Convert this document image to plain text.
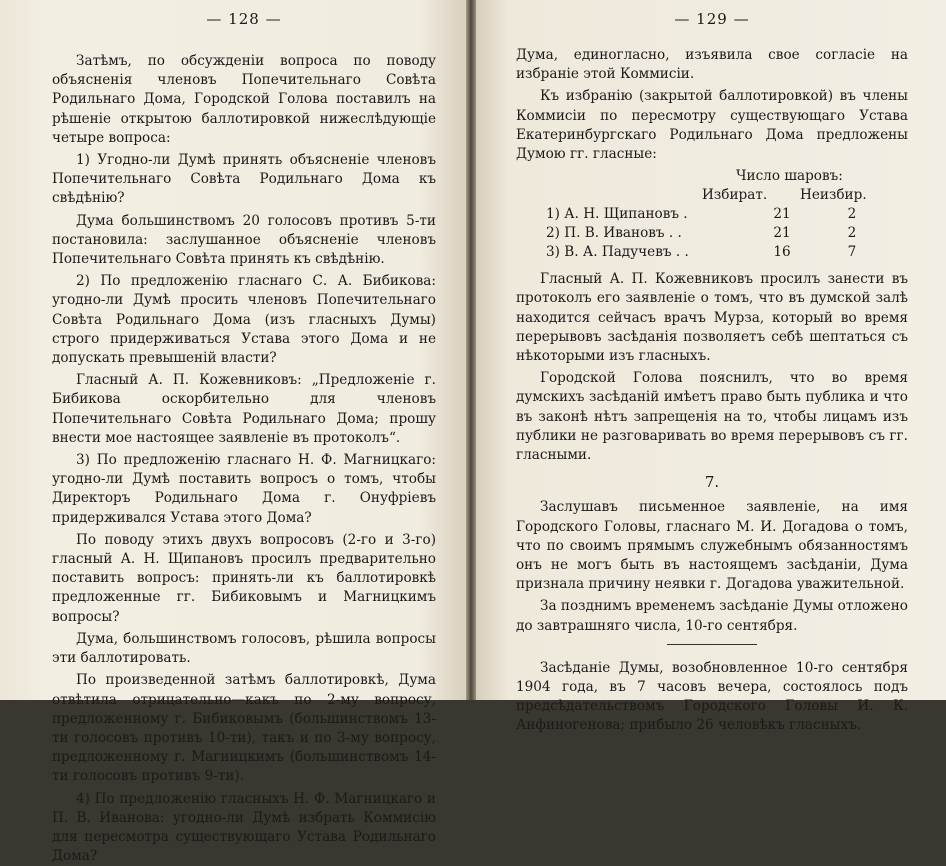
— 128 —

Затѣмъ, по обсужденіи вопроса по поводу объясненія членовъ Попечительнаго Совѣта Родильнаго Дома, Городской Голова поставилъ на рѣшеніе открытою баллотировкой нижеслѣдующіе четыре вопроса:

1) Угодно-ли Думѣ принять объясненіе членовъ Попечительнаго Совѣта Родильнаго Дома къ свѣдѣнію?

Дума большинствомъ 20 голосовъ противъ 5-ти постановила: заслушанное объясненіе членовъ Попечительнаго Совѣта принять къ свѣдѣнію.

2) По предложенію гласнаго С. А. Бибикова: угодно-ли Думѣ просить членовъ Попечительнаго Совѣта Родильнаго Дома (изъ гласныхъ Думы) строго придерживаться Устава этого Дома и не допускать превышеній власти?

Гласный А. П. Кожевниковъ: „Предложеніе г. Бибикова оскорбительно для членовъ Попечительнаго Совѣта Родильнаго Дома; прошу внести мое настоящее заявленіе въ протоколъ“.

3) По предложенію гласнаго Н. Ф. Магницкаго: угодно-ли Думѣ поставить вопросъ о томъ, чтобы Директоръ Родильнаго Дома г. Онуфріевъ придерживался Устава этого Дома?

По поводу этихъ двухъ вопросовъ (2-го и 3-го) гласный А. Н. Щипановъ просилъ предварительно поставить вопросъ: принять-ли къ баллотировкѣ предложенные гг. Бибиковымъ и Магницкимъ вопросы?

Дума, большинствомъ голосовъ, рѣшила вопросы эти баллотировать.

По произведенной затѣмъ баллотировкѣ, Дума отвѣтила отрицательно—какъ по 2-му вопросу, предложенному г. Бибиковымъ (большинствомъ 13-ти голосовъ противъ 10-ти), такъ и по 3-му вопросу, предложенному г. Магницкимъ (большинствомъ 14-ти голосовъ противъ 9-ти).

4) По предложенію гласныхъ Н. Ф. Магницкаго и П. В. Иванова: угодно-ли Думѣ избрать Коммисію для пересмотра существующаго Устава Родильнаго Дома?

— 129 —

Дума, единогласно, изъявила свое согласіе на избраніе этой Коммисіи.

Къ избранію (закрытой баллотировкой) въ члены Коммисіи по пересмотру существующаго Устава Екатеринбургскаго Родильнаго Дома предложены Думою гг. гласные:

Число шаровъ:
Избират.	Неизбир.
1) А. Н. Щипановъ .	21	2
2) П. В. Ивановъ . .	21	2
3) В. А. Падучевъ . .	16	7

Гласный А. П. Кожевниковъ просилъ занести въ протоколъ его заявленіе о томъ, что въ думской залѣ находится сейчасъ врачъ Мурза, который во время перерывовъ засѣданія позволяетъ себѣ шептаться съ нѣкоторыми изъ гласныхъ.

Городской Голова пояснилъ, что во время думскихъ засѣданій имѣетъ право быть публика и что въ законѣ нѣтъ запрещенія на то, чтобы лицамъ изъ публики не разговаривать во время перерывовъ съ гг. гласными.

7.

Заслушавъ письменное заявленіе, на имя Городского Головы, гласнаго М. И. Догадова о томъ, что по своимъ прямымъ служебнымъ обязанностямъ онъ не могъ быть въ настоящемъ засѣданіи, Дума признала причину неявки г. Догадова уважительной.

За позднимъ временемъ засѣданіе Думы отложено до завтрашняго числа, 10-го сентября.

Засѣданіе Думы, возобновленное 10-го сентября 1904 года, въ 7 часовъ вечера, состоялось подъ предсѣдательствомъ Городского Головы И. К. Анфиногенова; прибыло 26 человѣкъ гласныхъ.
